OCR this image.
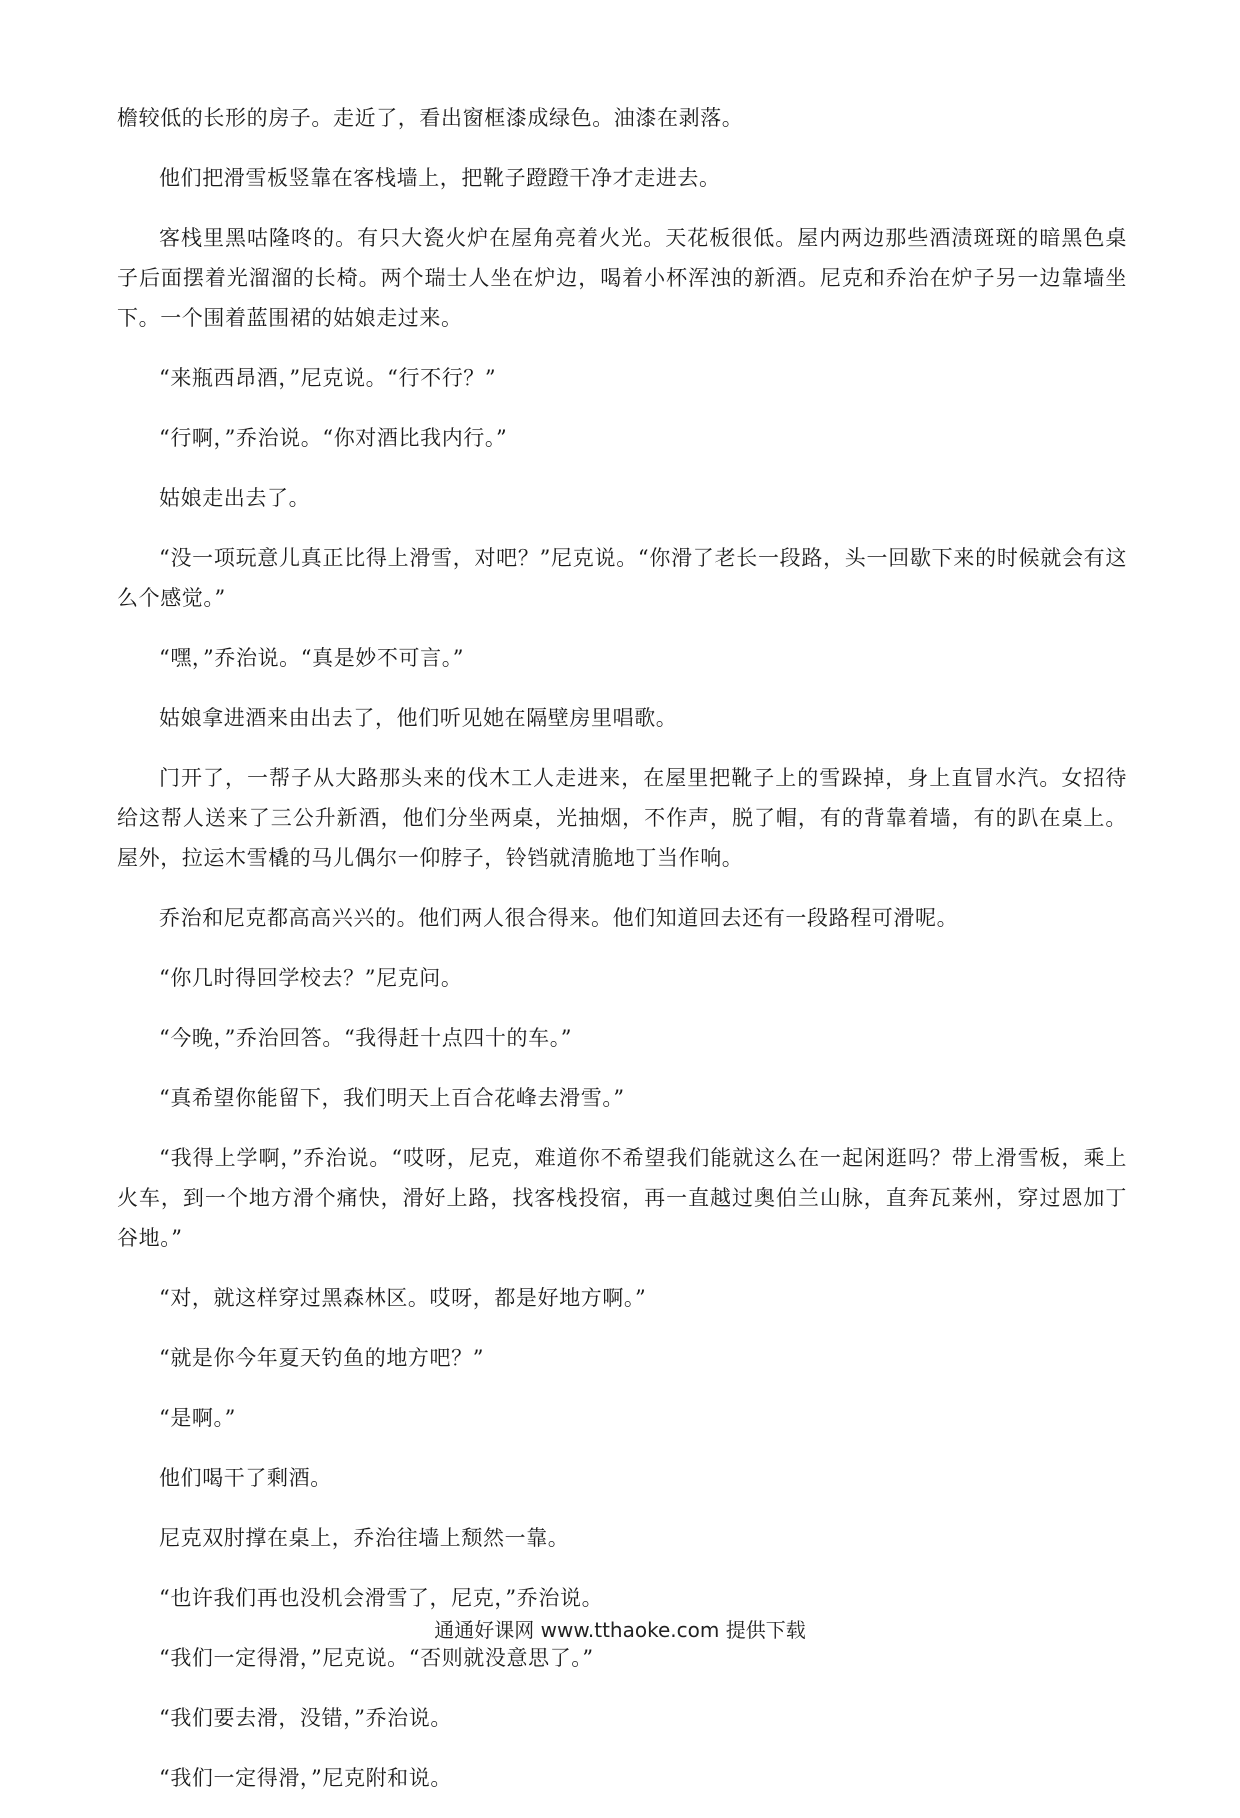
檐较低的长形的房子。走近了，看出窗框漆成绿色。油漆在剥落。

他们把滑雪板竖靠在客栈墙上，把靴子蹬蹬干净才走进去。

客栈里黑咕隆咚的。有只大瓷火炉在屋角亮着火光。天花板很低。屋内两边那些酒渍斑斑的暗黑色桌子后面摆着光溜溜的长椅。两个瑞士人坐在炉边，喝着小杯浑浊的新酒。尼克和乔治在炉子另一边靠墙坐下。一个围着蓝围裙的姑娘走过来。

“来瓶西昂酒，”尼克说。“行不行？”

“行啊，”乔治说。“你对酒比我内行。”

姑娘走出去了。

“没一项玩意儿真正比得上滑雪，对吧？”尼克说。“你滑了老长一段路，头一回歇下来的时候就会有这么个感觉。”

“嘿，”乔治说。“真是妙不可言。”

姑娘拿进酒来由出去了，他们听见她在隔壁房里唱歌。

门开了，一帮子从大路那头来的伐木工人走进来，在屋里把靴子上的雪跺掉，身上直冒水汽。女招待给这帮人送来了三公升新酒，他们分坐两桌，光抽烟，不作声，脱了帽，有的背靠着墙，有的趴在桌上。屋外，拉运木雪橇的马儿偶尔一仰脖子，铃铛就清脆地丁当作响。

乔治和尼克都高高兴兴的。他们两人很合得来。他们知道回去还有一段路程可滑呢。

“你几时得回学校去？”尼克问。

“今晚，”乔治回答。“我得赶十点四十的车。”

“真希望你能留下，我们明天上百合花峰去滑雪。”

“我得上学啊，”乔治说。“哎呀，尼克，难道你不希望我们能就这么在一起闲逛吗？带上滑雪板，乘上火车，到一个地方滑个痛快，滑好上路，找客栈投宿，再一直越过奥伯兰山脉，直奔瓦莱州，穿过恩加丁谷地。”

“对，就这样穿过黑森林区。哎呀，都是好地方啊。”

“就是你今年夏天钓鱼的地方吧？”

“是啊。”

他们喝干了剩酒。

尼克双肘撑在桌上，乔治往墙上颓然一靠。

“也许我们再也没机会滑雪了，尼克，”乔治说。

“我们一定得滑，”尼克说。“否则就没意思了。”

“我们要去滑，没错，”乔治说。

“我们一定得滑，”尼克附和说。

通通好课网 www.tthaoke.com 提供下载
